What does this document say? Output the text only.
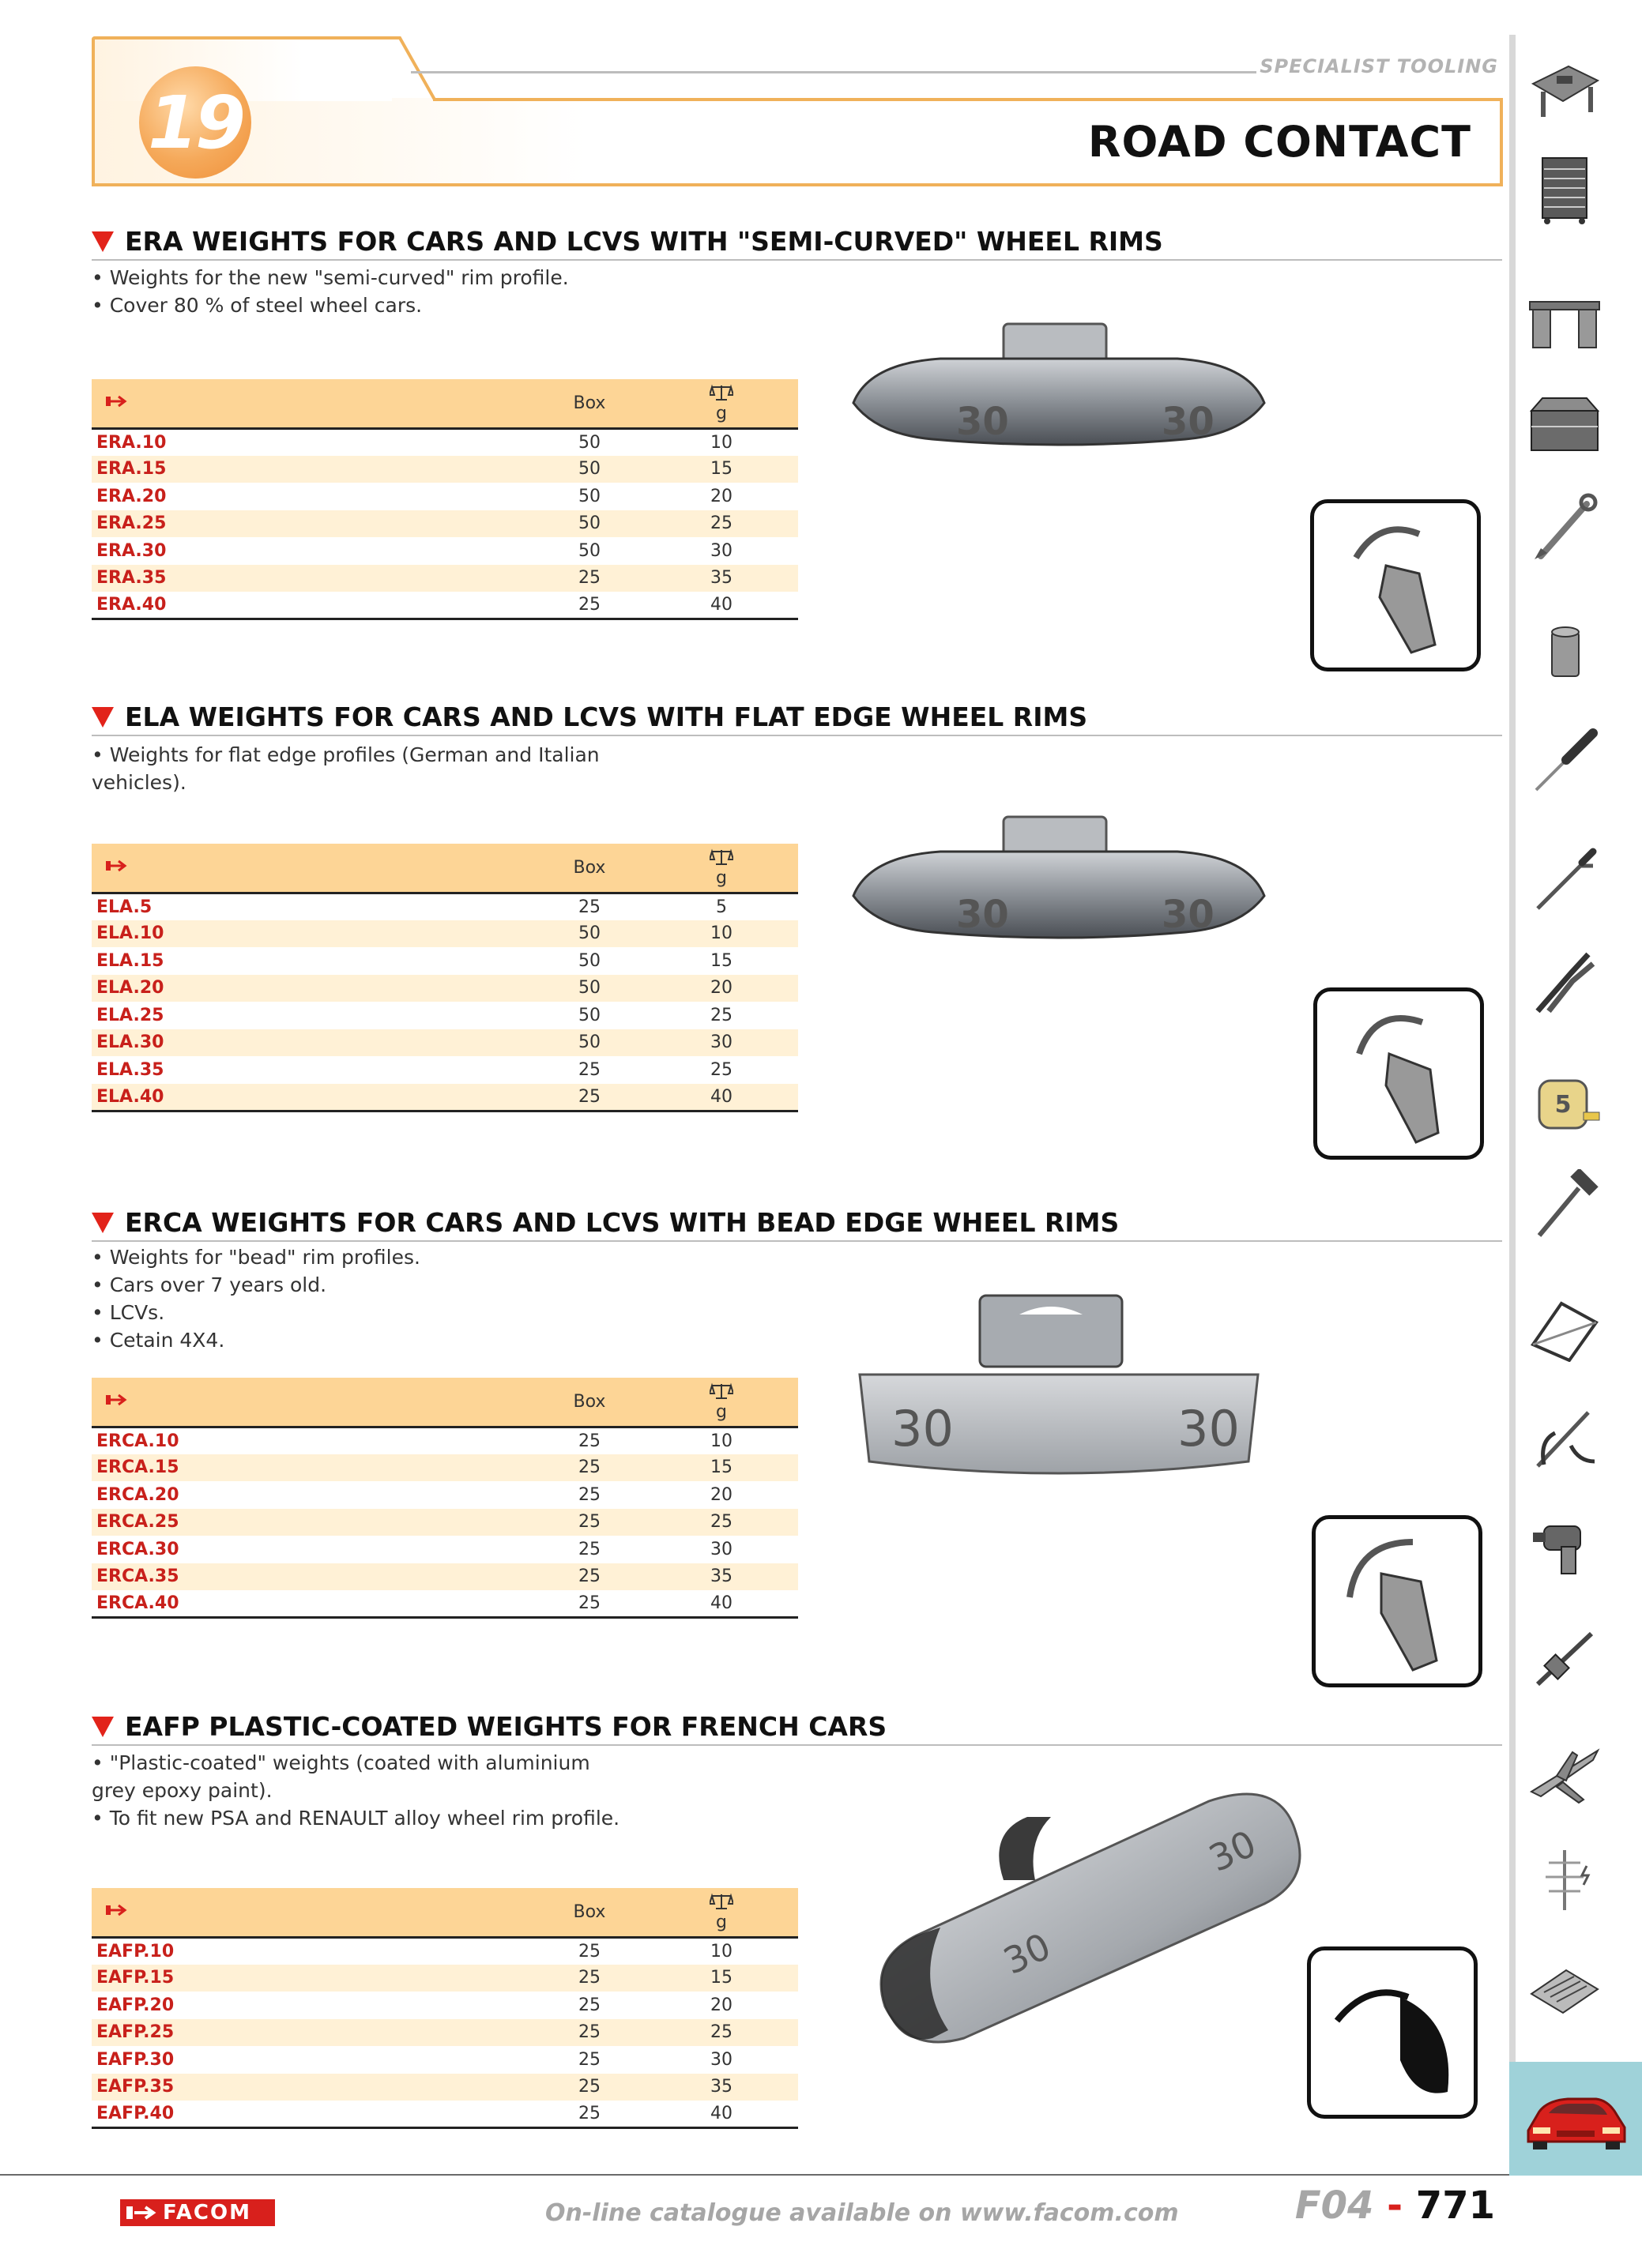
19
SPECIALIST TOOLING
ROAD CONTACT
5
ERA WEIGHTS FOR CARS AND LCVS WITH "SEMI-CURVED" WHEEL RIMS
• Weights for the new "semi-curved" rim profile.
• Cover 80 % of steel wheel cars.
	Box	g
ERA.10	50	10
ERA.15	50	15
ERA.20	50	20
ERA.25	50	25
ERA.30	50	30
ERA.35	25	35
ERA.40	25	40
30	30
ELA WEIGHTS FOR CARS AND LCVS WITH FLAT EDGE WHEEL RIMS
• Weights for flat edge profiles (German and Italian
vehicles).
	Box	g
ELA.5	25	5
ELA.10	50	10
ELA.15	50	15
ELA.20	50	20
ELA.25	50	25
ELA.30	50	30
ELA.35	25	25
ELA.40	25	40
30	30
ERCA WEIGHTS FOR CARS AND LCVS WITH BEAD EDGE WHEEL RIMS
• Weights for "bead" rim profiles.
• Cars over 7 years old.
• LCVs.
• Cetain 4X4.
	Box	g
ERCA.10	25	10
ERCA.15	25	15
ERCA.20	25	20
ERCA.25	25	25
ERCA.30	25	30
ERCA.35	25	35
ERCA.40	25	40
30	30
EAFP PLASTIC-COATED WEIGHTS FOR FRENCH CARS
• "Plastic-coated" weights (coated with aluminium
grey epoxy paint).
• To fit new PSA and RENAULT alloy wheel rim profile.
	Box	g
EAFP.10	25	10
EAFP.15	25	15
EAFP.20	25	20
EAFP.25	25	25
EAFP.30	25	30
EAFP.35	25	35
EAFP.40	25	40
30
30
FACOM	On-line catalogue available on www.facom.com	F04 - 771
